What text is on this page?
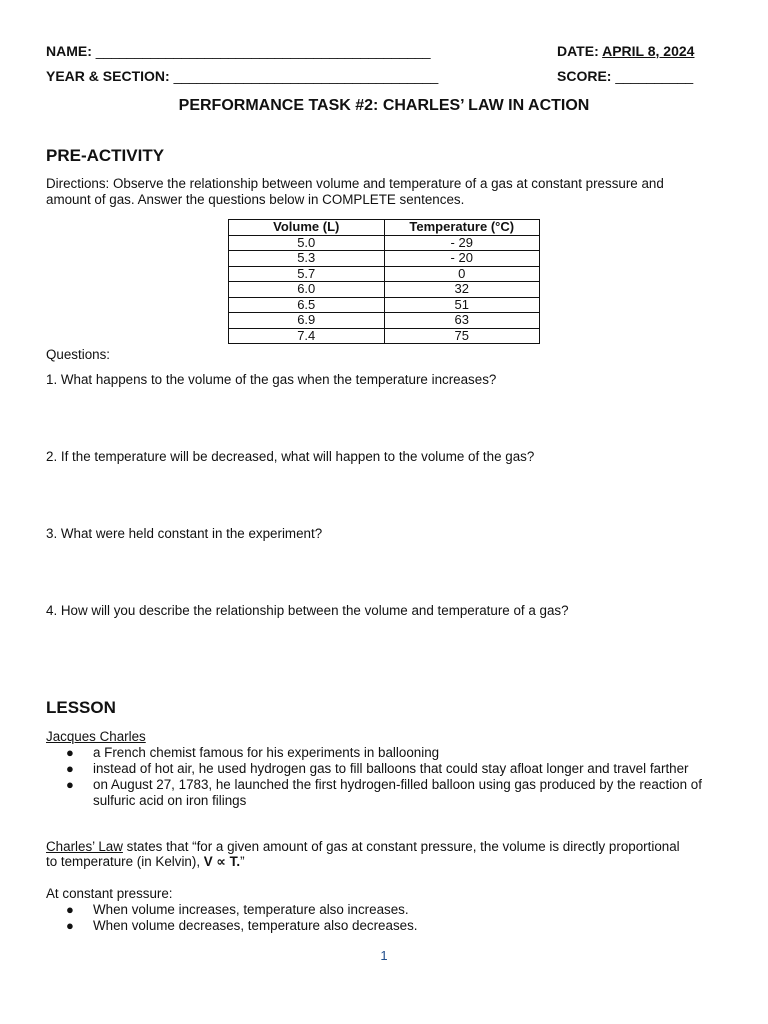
NAME: ___________________________________________	DATE: APRIL 8, 2024
YEAR & SECTION: __________________________________	SCORE: __________
PERFORMANCE TASK #2: CHARLES’ LAW IN ACTION
PRE-ACTIVITY
Directions: Observe the relationship between volume and temperature of a gas at constant pressure and
amount of gas. Answer the questions below in COMPLETE sentences.
Volume (L)	Temperature (°C)
5.0	- 29
5.3	- 20
5.7	0
6.0	32
6.5	51
6.9	63
7.4	75
Questions:
1. What happens to the volume of the gas when the temperature increases?
2. If the temperature will be decreased, what will happen to the volume of the gas?
3. What were held constant in the experiment?
4. How will you describe the relationship between the volume and temperature of a gas?
LESSON
Jacques Charles
● a French chemist famous for his experiments in ballooning
● instead of hot air, he used hydrogen gas to fill balloons that could stay afloat longer and travel farther
● on August 27, 1783, he launched the first hydrogen-filled balloon using gas produced by the reaction of sulfuric acid on iron filings
Charles’ Law states that “for a given amount of gas at constant pressure, the volume is directly proportional
to temperature (in Kelvin), V ∝ T.”
At constant pressure:
● When volume increases, temperature also increases.
● When volume decreases, temperature also decreases.
1
